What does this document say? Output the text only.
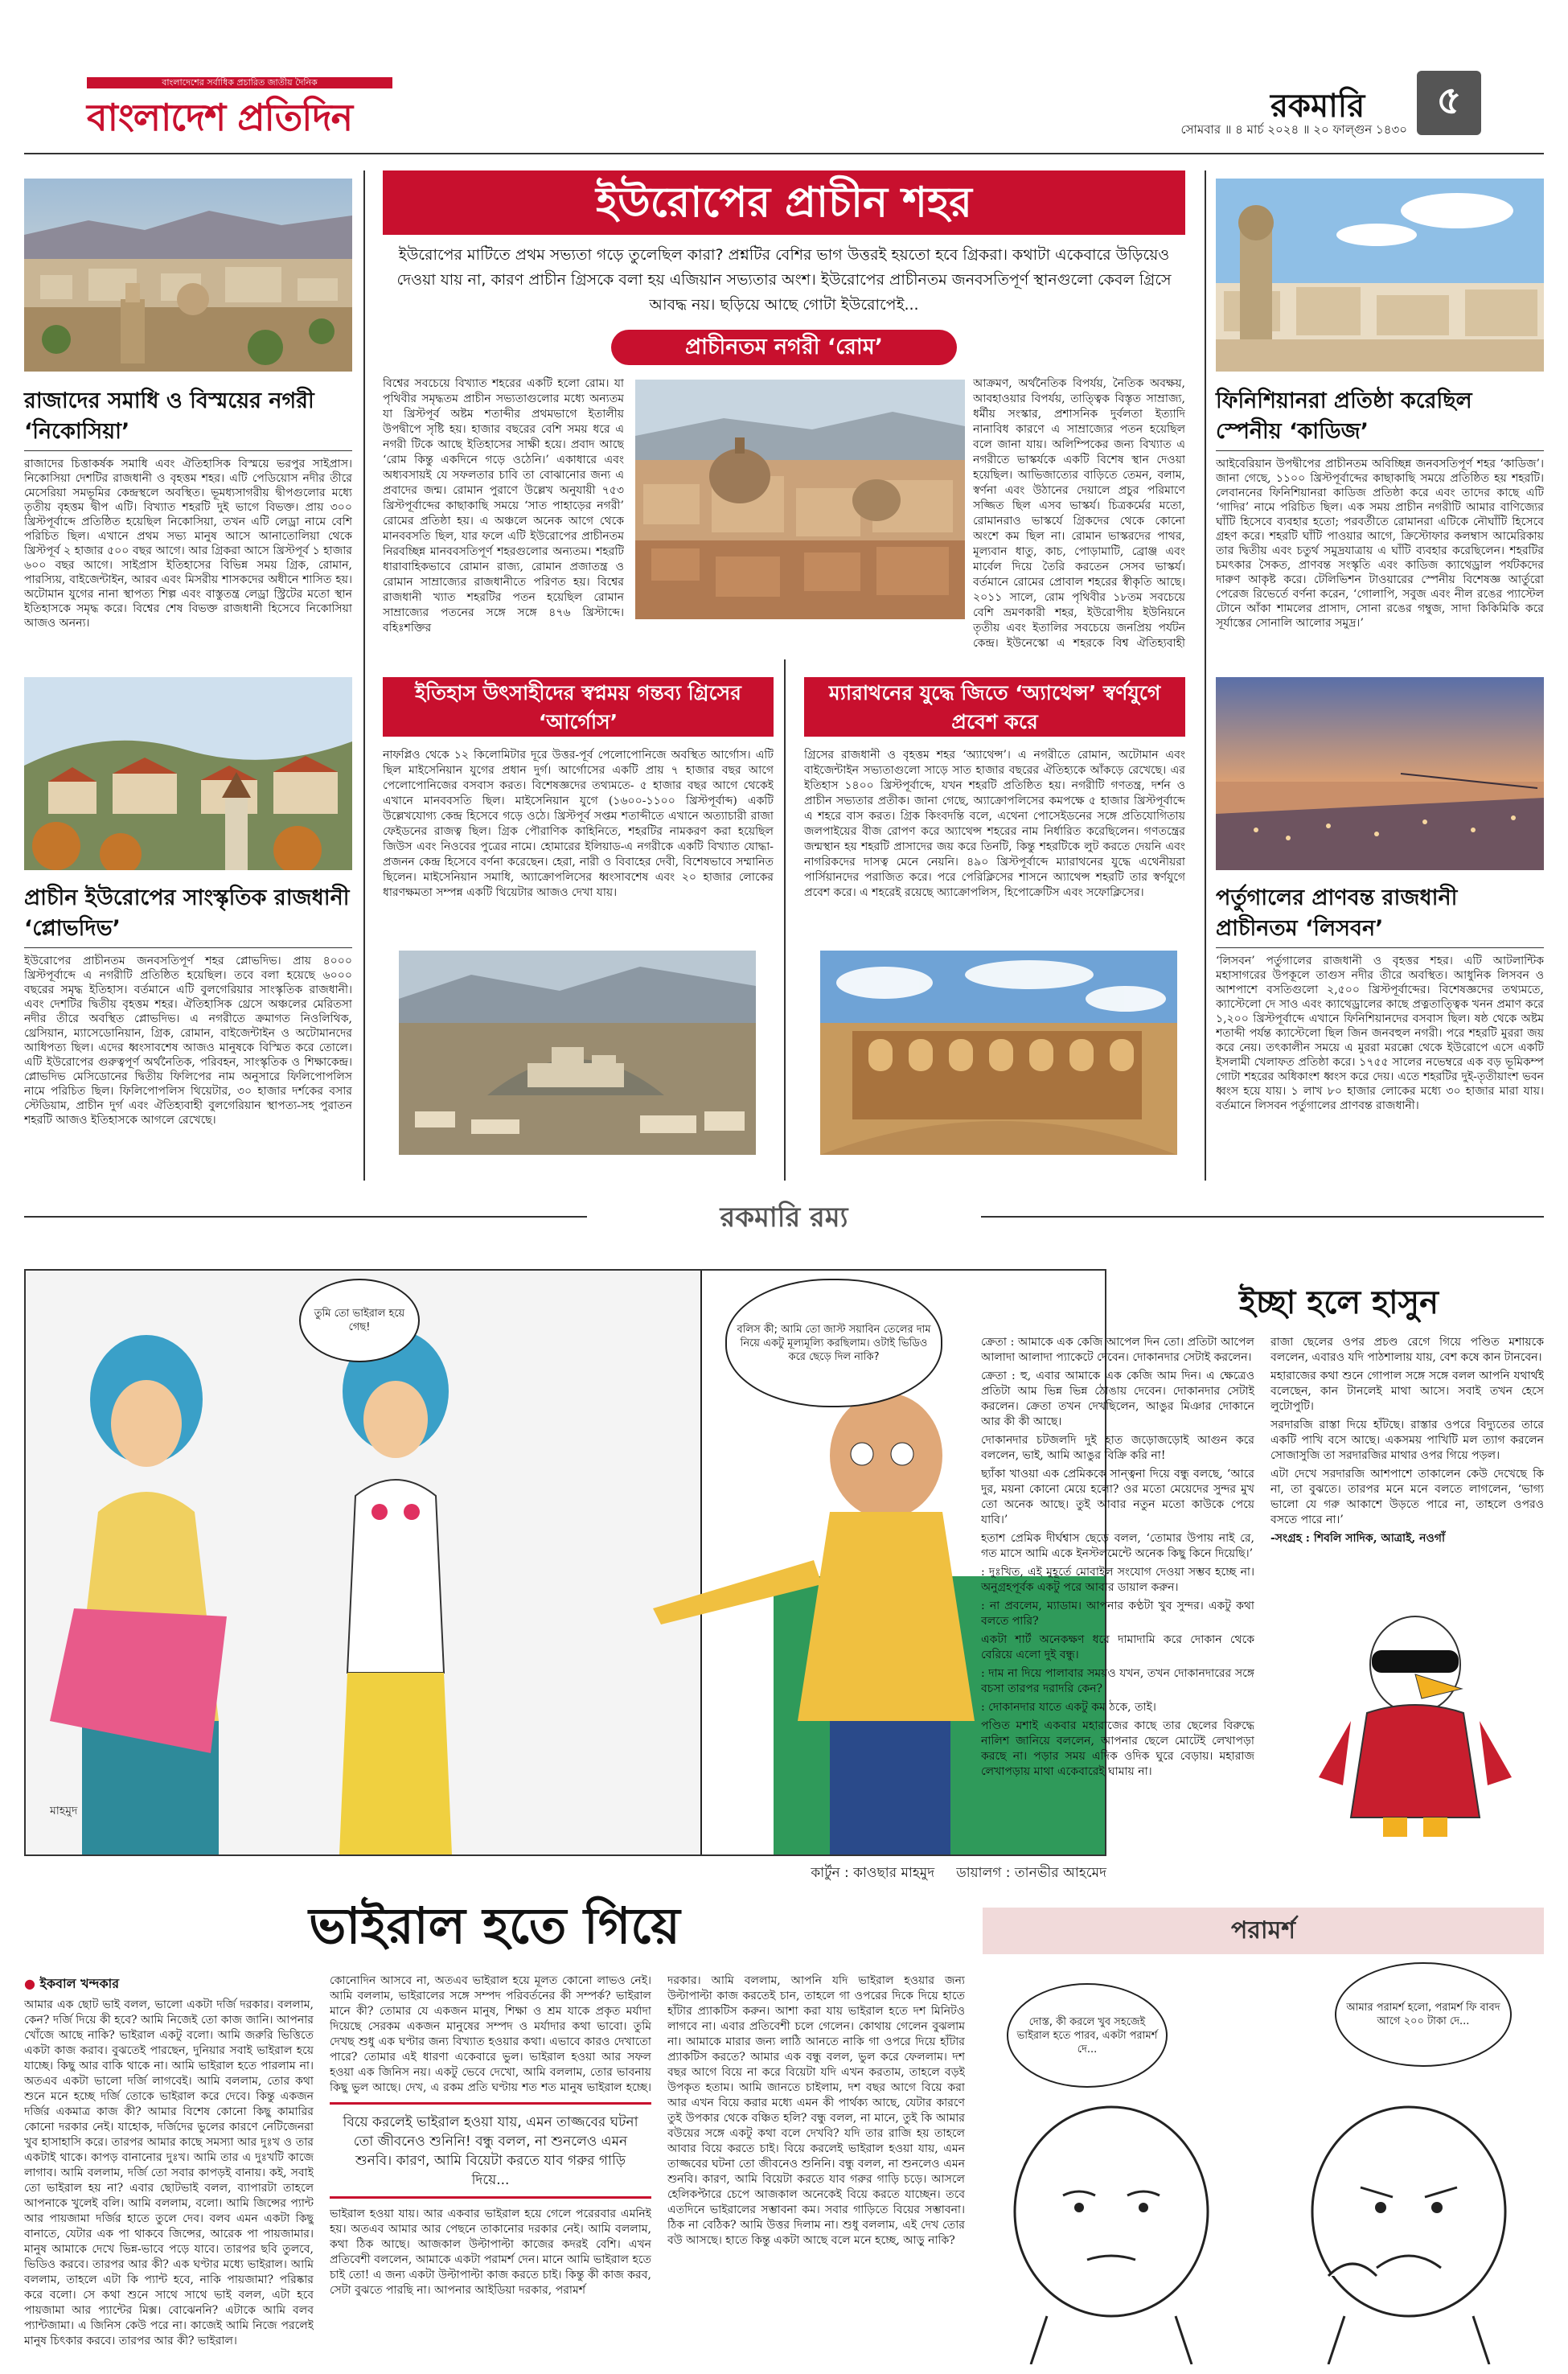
বাংলাদেশের সর্বাধিক প্রচারিত জাতীয় দৈনিক
বাংলাদেশ প্রতিদিন	রকমারি ৫
সোমবার ॥ ৪ মার্চ ২০২৪ ॥ ২০ ফাল্গুন ১৪৩০
রাজাদের সমাধি ও বিস্ময়ের নগরী ‘নিকোসিয়া’
রাজাদের চিত্তাকর্ষক সমাধি এবং ঐতিহাসিক বিস্ময়ে ভরপুর সাইপ্রাস। নিকোসিয়া দেশটির রাজধানী ও বৃহত্তম শহর। এটি পেডিয়োস নদীর তীরে মেসেরিয়া সমভূমির কেন্দ্রস্থলে অবস্থিত। ভূমধ্যসাগরীয় দ্বীপগুলোর মধ্যে তৃতীয় বৃহত্তম দ্বীপ এটি। বিখ্যাত শহরটি দুই ভাগে বিভক্ত। প্রায় ৩০০ খ্রিস্টপূর্বাব্দে প্রতিষ্ঠিত হয়েছিল নিকোসিয়া, তখন এটি লেড্রা নামে বেশি পরিচিত ছিল। এখানে প্রথম সভ্য মানুষ আসে আনাতোলিয়া থেকে খ্রিস্টপূর্ব ২ হাজার ৫০০ বছর আগে। আর গ্রিকরা আসে খ্রিস্টপূর্ব ১ হাজার ৬০০ বছর আগে। সাইপ্রাস ইতিহাসের বিভিন্ন সময় গ্রিক, রোমান, পারস্যিয়, বাইজেন্টাইন, আরব এবং মিসরীয় শাসকদের অধীনে শাসিত হয়। অটোমান যুগের নানা স্থাপত্য শিল্প এবং বাস্তুতন্ত্র লেড্রা স্ট্রিটের মতো স্থান ইতিহাসকে সমৃদ্ধ করে। বিশ্বের শেষ বিভক্ত রাজধানী হিসেবে নিকোসিয়া আজও অনন্য।
প্রাচীন ইউরোপের সাংস্কৃতিক রাজধানী ‘প্লোভদিভ’
ইউরোপের প্রাচীনতম জনবসতিপূর্ণ শহর প্লোভদিভ। প্রায় ৪০০০ খ্রিস্টপূর্বাব্দে এ নগরীটি প্রতিষ্ঠিত হয়েছিল। তবে বলা হয়েছে ৬০০০ বছরের সমৃদ্ধ ইতিহাস। বর্তমানে এটি বুলগেরিয়ার সাংস্কৃতিক রাজধানী। এবং দেশটির দ্বিতীয় বৃহত্তম শহর। ঐতিহাসিক থ্রেসে অঞ্চলের মেরিতসা নদীর তীরে অবস্থিত প্লোভদিভ। এ নগরীতে ক্রমাগত নিওলিথিক, থ্রেসিয়ান, ম্যাসেডোনিয়ান, গ্রিক, রোমান, বাইজেন্টাইন ও অটোমানদের আধিপত্য ছিল। এদের ধ্বংসাবশেষ আজও মানুষকে বিস্মিত করে তোলে। এটি ইউরোপের গুরুত্বপূর্ণ অর্থনৈতিক, পরিবহন, সাংস্কৃতিক ও শিক্ষাকেন্দ্র। প্লোভদিভ মেসিডোনের দ্বিতীয় ফিলিপের নাম অনুসারে ফিলিপোপলিস নামে পরিচিত ছিল। ফিলিপোপলিস থিয়েটার, ৩০ হাজার দর্শকের বসার স্টেডিয়াম, প্রাচীন দুর্গ এবং ঐতিহ্যবাহী বুলগেরিয়ান স্থাপত্য-সহ পুরাতন শহরটি আজও ইতিহাসকে আগলে রেখেছে।
ইউরোপের প্রাচীন শহর
ইউরোপের মাটিতে প্রথম সভ্যতা গড়ে তুলেছিল কারা? প্রশ্নটির বেশির ভাগ উত্তরই হয়তো হবে গ্রিকরা। কথাটা একেবারে উড়িয়েও দেওয়া যায় না, কারণ প্রাচীন গ্রিসকে বলা হয় এজিয়ান সভ্যতার অংশ। ইউরোপের প্রাচীনতম জনবসতিপূর্ণ স্থানগুলো কেবল গ্রিসে আবদ্ধ নয়। ছড়িয়ে আছে গোটা ইউরোপেই...
প্রাচীনতম নগরী ‘রোম’
বিশ্বের সবচেয়ে বিখ্যাত শহরের একটি হলো রোম। যা পৃথিবীর সমৃদ্ধতম প্রাচীন সভ্যতাগুলোর মধ্যে অন্যতম যা খ্রিস্টপূর্ব অষ্টম শতাব্দীর প্রথমভাগে ইতালীয় উপদ্বীপে সৃষ্টি হয়। হাজার বছরের বেশি সময় ধরে এ নগরী টিকে আছে ইতিহাসের সাক্ষী হয়ে। প্রবাদ আছে ‘রোম কিন্তু একদিনে গড়ে ওঠেনি।’ একাধারে এবং অধ্যবসায়ই যে সফলতার চাবি তা বোঝানোর জন্য এ প্রবাদের জন্ম। রোমান পুরাণে উল্লেখ অনুযায়ী ৭৫৩ খ্রিস্টপূর্বাব্দের কাছাকাছি সময়ে ‘সাত পাহাড়ের নগরী’ রোমের প্রতিষ্ঠা হয়। এ অঞ্চলে অনেক আগে থেকে মানববসতি ছিল, যার ফলে এটি ইউরোপের প্রাচীনতম নিরবচ্ছিন্ন মানববসতিপূর্ণ শহরগুলোর অন্যতম। শহরটি ধারাবাহিকভাবে রোমান রাজ্য, রোমান প্রজাতন্ত্র ও রোমান সাম্রাজ্যের রাজধানীতে পরিণত হয়। বিশ্বের রাজধানী খ্যাত শহরটির পতন হয়েছিল রোমান সাম্রাজ্যের পতনের সঙ্গে সঙ্গে ৪৭৬ খ্রিস্টাব্দে। বহিঃশক্তির
আক্রমণ, অর্থনৈতিক বিপর্যয়, নৈতিক অবক্ষয়, আবহাওয়ার বিপর্যয়, তাত্ত্বিক বিস্তৃত সাম্রাজ্য, ধর্মীয় সংস্কার, প্রশাসনিক দুর্বলতা ইত্যাদি নানাবিধ কারণে এ সাম্রাজ্যের পতন হয়েছিল বলে জানা যায়। অলিম্পিকের জন্য বিখ্যাত এ নগরীতে ভাস্কর্যকে একটি বিশেষ স্থান দেওয়া হয়েছিল। আভিজাত্যের বাড়িতে তেমন, বলাম, স্বর্ণনা এবং উঠানের দেয়ালে প্রচুর পরিমাণে সজ্জিত ছিল এসব ভাস্কর্য। চিত্রকর্মের মতো, রোমানরাও ভাস্কর্যে গ্রিকদের থেকে কোনো অংশে কম ছিল না। রোমান ভাস্করদের পাথর, মূল্যবান ধাতু, কাচ, পোড়ামাটি, ব্রোঞ্জ এবং মার্বেল দিয়ে তৈরি করতেন সেসব ভাস্কর্য। বর্তমানে রোমের প্রোবাল শহরের স্বীকৃতি আছে। ২০১১ সালে, রোম পৃথিবীর ১৮তম সবচেয়ে বেশি ভ্রমণকারী শহর, ইউরোপীয় ইউনিয়নে তৃতীয় এবং ইতালির সবচেয়ে জনপ্রিয় পর্যটন কেন্দ্র। ইউনেস্কো এ শহরকে বিশ্ব ঐতিহ্যবাহী
ইতিহাস উৎসাহীদের স্বপ্নময় গন্তব্য গ্রিসের ‘আর্গোস’
নাফপ্লিও থেকে ১২ কিলোমিটার দূরে উত্তর-পূর্ব পেলোপোনিজে অবস্থিত আর্গোস। এটি ছিল মাইসেনিয়ান যুগের প্রধান দুর্গ। আর্গোসের একটি প্রায় ৭ হাজার বছর আগে পেলোপোনিজের বসবাস করত। বিশেষজ্ঞদের তথ্যমতে- ৫ হাজার বছর আগে থেকেই এখানে মানববসতি ছিল। মাইসেনিয়ান যুগে (১৬০০-১১০০ খ্রিস্টপূর্বাব্দ) একটি উল্লেখযোগ্য কেন্দ্র হিসেবে গড়ে ওঠে। খ্রিস্টপূর্ব সপ্তম শতাব্দীতে এখানে অত্যাচারী রাজা ফেইডনের রাজত্ব ছিল। গ্রিক পৌরাণিক কাহিনিতে, শহরটির নামকরণ করা হয়েছিল জিউস এবং নিওবের পুত্রের নামে। হোমারের ইলিয়াড-এ নগরীকে একটি বিখ্যাত যোদ্ধা-প্রজনন কেন্দ্র হিসেবে বর্ণনা করেছেন। হেরা, নারী ও বিবাহের দেবী, বিশেষভাবে সম্মানিত ছিলেন। মাইসেনিয়ান সমাধি, অ্যাক্রোপলিসের ধ্বংসাবশেষ এবং ২০ হাজার লোকের ধারণক্ষমতা সম্পন্ন একটি থিয়েটার আজও দেখা যায়।
ম্যারাথনের যুদ্ধে জিতে ‘অ্যাথেন্স’ স্বর্ণযুগে প্রবেশ করে
গ্রিসের রাজধানী ও বৃহত্তম শহর ‘অ্যাথেন্স’। এ নগরীতে রোমান, অটোমান এবং বাইজেন্টাইন সভ্যতাগুলো সাড়ে সাত হাজার বছরের ঐতিহ্যকে আঁকড়ে রেখেছে। এর ইতিহাস ১৪০০ খ্রিস্টপূর্বাব্দে, যখন শহরটি প্রতিষ্ঠিত হয়। নগরীটি গণতন্ত্র, দর্শন ও প্রাচীন সভ্যতার প্রতীক। জানা গেছে, অ্যাক্রোপলিসের কমপক্ষে ৫ হাজার খ্রিস্টপূর্বাব্দে এ শহরে বাস করত। গ্রিক কিংবদন্তি বলে, এথেনা পোসেইডনের সঙ্গে প্রতিযোগিতায় জলপাইয়ের বীজ রোপণ করে অ্যাথেন্স শহরের নাম নির্ধারিত করেছিলেন। গণতন্ত্রের জন্মস্থান হয় শহরটি প্রাসাদের জয় করে তিনটি, কিন্তু শহরটিকে লুট করতে দেয়নি এবং নাগরিকদের দাসত্ব মেনে নেয়নি। ৪৯০ খ্রিস্টপূর্বাব্দে ম্যারাথনের যুদ্ধে এথেনীয়রা পার্সিয়ানদের পরাজিত করে। পরে পেরিক্লিসের শাসনে অ্যাথেন্স শহরটি তার স্বর্ণযুগে প্রবেশ করে। এ শহরেই রয়েছে অ্যাক্রোপলিস, হিপোক্রেটিস এবং সফোক্লিসের।
ফিনিশিয়ানরা প্রতিষ্ঠা করেছিল স্পেনীয় ‘কাডিজ’
আইবেরিয়ান উপদ্বীপের প্রাচীনতম অবিচ্ছিন্ন জনবসতিপূর্ণ শহর ‘কাডিজ’। জানা গেছে, ১১০০ খ্রিস্টপূর্বাব্দের কাছাকাছি সময়ে প্রতিষ্ঠিত হয় শহরটি। লেবাননের ফিনিশিয়ানরা কাডিজ প্রতিষ্ঠা করে এবং তাদের কাছে এটি ‘গাদির’ নামে পরিচিত ছিল। এক সময় প্রাচীন নগরীটি আমার বাণিজ্যের ঘাঁটি হিসেবে ব্যবহার হতো; পরবর্তীতে রোমানরা এটিকে নৌঘাঁটি হিসেবে গ্রহণ করে। শহরটি ঘাঁটি পাওয়ার আগে, ক্রিস্টোফার কলম্বাস আমেরিকায় তার দ্বিতীয় এবং চতুর্থ সমুদ্রযাত্রায় এ ঘাঁটি ব্যবহার করেছিলেন। শহরটির চমৎকার সৈকত, প্রাণবন্ত সংস্কৃতি এবং কাডিজ ক্যাথেড্রাল পর্যটকদের দারুণ আকৃষ্ট করে। টেলিভিশন টাওয়ারের স্পেনীয় বিশেষজ্ঞ আর্তুরো পেরেজ রিভের্তে বর্ণনা করেন, ‘গোলাপি, সবুজ এবং নীল রঙের প্যাস্টেল টোনে আঁকা শামলের প্রাসাদ, সোনা রঙের গম্বুজ, সাদা কিকিমিকি করে সূর্যাস্তের সোনালি আলোর সমুদ্র।’
পর্তুগালের প্রাণবন্ত রাজধানী প্রাচীনতম ‘লিসবন’
‘লিসবন’ পর্তুগালের রাজধানী ও বৃহত্তর শহর। এটি আটলান্টিক মহাসাগরের উপকূলে তাগুস নদীর তীরে অবস্থিত। আধুনিক লিসবন ও আশপাশে বসতিগুলো ২,৫০০ খ্রিস্টপূর্বাব্দের। বিশেষজ্ঞদের তথ্যমতে, ক্যাস্টেলো দে সাও এবং ক্যাথেড্রালের কাছে প্রত্নতাত্ত্বিক খনন প্রমাণ করে ১,২০০ খ্রিস্টপূর্বাব্দে এখানে ফিনিশিয়ানদের বসবাস ছিল। ষষ্ঠ থেকে অষ্টম শতাব্দী পর্যন্ত ক্যাস্টেলো ছিল জিন জনবহুল নগরী। পরে শহরটি মুররা জয় করে নেয়। তৎকালীন সময়ে এ মুররা মরক্কো থেকে ইউরোপে এসে একটি ইসলামী খেলাফত প্রতিষ্ঠা করে। ১৭৫৫ সালের নভেম্বরে এক বড় ভূমিকম্প গোটা শহরের অধিকাংশ ধ্বংস করে দেয়। এতে শহরটির দুই-তৃতীয়াংশ ভবন ধ্বংস হয়ে যায়। ১ লাখ ৮০ হাজার লোকের মধ্যে ৩০ হাজার মারা যায়। বর্তমানে লিসবন পর্তুগালের প্রাণবন্ত রাজধানী।
রকমারি রম্য
তুমি তো ভাইরাল হয়ে গেছ!	বলিস কী; আমি তো জাস্ট সয়াবিন তেলের দাম নিয়ে একটু মূল্যমূল্যি করছিলাম। ওটাই ভিডিও করে ছেড়ে দিল নাকি?
মাহমুদ
কার্টুন : কাওছার মাহমুদ ডায়ালগ : তানভীর আহমেদ
ইচ্ছা হলে হাসুন

ক্রেতা : আমাকে এক কেজি আপেল দিন তো। প্রতিটা আপেল আলাদা আলাদা প্যাকেটে দেবেন। দোকানদার সেটাই করলেন।

ক্রেতা : হু, এবার আমাকে এক কেজি আম দিন। এ ক্ষেত্রেও প্রতিটা আম ভিন্ন ভিন্ন ঠোঙায় দেবেন। দোকানদার সেটাই করলেন। ক্রেতা তখন দেখছিলেন, আঙুর মিঞার দোকানে আর কী কী আছে।

দোকানদার চটজলদি দুই হাত জড়োজড়োই আগুন করে বললেন, ভাই, আমি আঙুর বিক্রি করি না!

ছ্যাঁকা খাওয়া এক প্রেমিককে সান্ত্বনা দিয়ে বন্ধু বলছে, ‘আরে দুর, ময়না কোনো মেয়ে হলো? ওর মতো মেয়েদের সুন্দর মুখ তো অনেক আছে। তুই আবার নতুন মতো কাউকে পেয়ে যাবি।’

হতাশ প্রেমিক দীর্ঘশ্বাস ছেড়ে বলল, ‘তোমার উপায় নাই রে, গত মাসে আমি একে ইনস্টলমেন্টে অনেক কিছু কিনে দিয়েছি।’

: দুঃখিত, এই মুহূর্তে মোবাইল সংযোগ দেওয়া সম্ভব হচ্ছে না। অনুগ্রহপূর্বক একটু পরে আবার ডায়াল করুন।

: না প্রবলেম, ম্যাডাম। আপনার কণ্ঠটা খুব সুন্দর। একটু কথা বলতে পারি?

একটা শার্ট অনেকক্ষণ ধরে দামাদামি করে দোকান থেকে বেরিয়ে এলো দুই বন্ধু।

: দাম না দিয়ে পালাবার সময়ও যখন, তখন দোকানদারের সঙ্গে বচসা তারপর দরাদরি কেন?

: দোকানদার যাতে একটু কম ঠকে, তাই।

পণ্ডিত মশাই একবার মহারাজের কাছে তার ছেলের বিরুদ্ধে নালিশ জানিয়ে বললেন, আপনার ছেলে মোটেই লেখাপড়া করছে না। পড়ার সময় এদিক ওদিক ঘুরে বেড়ায়। মহারাজ লেখাপড়ায় মাথা একেবারেই ঘামায় না।

রাজা ছেলের ওপর প্রচণ্ড রেগে গিয়ে পণ্ডিত মশায়কে বললেন, এবারও যদি পাঠশালায় যায়, বেশ কষে কান টানবেন।

মহারাজের কথা শুনে গোপাল সঙ্গে সঙ্গে বলল আপনি যথার্থই বলেছেন, কান টানলেই মাথা আসে। সবাই তখন হেসে লুটোপুটি।

সরদারজি রাস্তা দিয়ে হাঁটছে। রাস্তার ওপরে বিদ্যুতের তারে একটি পাখি বসে আছে। একসময় পাখিটি মল ত্যাগ করলেন সোজাসুজি তা সরদারজির মাথার ওপর গিয়ে পড়ল।

এটা দেখে সরদারজি আশপাশে তাকালেন কেউ দেখেছে কি না, তা বুঝতে। তারপর মনে মনে বলতে লাগলেন, ‘ভাগ্য ভালো যে গরু আকাশে উড়তে পারে না, তাহলে ওপরও বসতে পারে না।’

-সংগ্রহ : শিবলি সাদিক, আত্রাই, নওগাঁ

ভাইরাল হতে গিয়ে
● ইকবাল খন্দকার
আমার এক ছোট ভাই বলল, ভালো একটা দর্জি দরকার। বললাম, কেন? দর্জি দিয়ে কী হবে? আমি নিজেই তো কাজ জানি। আপনার খোঁজে আছে নাকি? ভাইরাল একটু বলো। আমি জরুরি ভিত্তিতে একটা কাজ করাব। বুঝতেই পারছেন, দুনিয়ার সবাই ভাইরাল হয়ে যাচ্ছে। কিছু আর বাকি থাকে না। আমি ভাইরাল হতে পারলাম না। অতএব একটা ভালো দর্জি লাগবেই। আমি বললাম, তোর কথা শুনে মনে হচ্ছে দর্জি তোকে ভাইরাল করে দেবে। কিন্তু একজন দর্জির একমাত্র কাজ কী? আমার বিশেষ কোনো কিছু কামারির কোনো দরকার নেই। যাহোক, দর্জিদের ভুলের কারণে নেটিজেনরা খুব হাসাহাসি করে। তারপর আমার কাছে সমস্যা আর দুঃখ ও তার একটাই থাকে। কাপড় বানানোর দুঃখ। আমি তার এ দুঃখটি কাজে লাগাব। আমি বললাম, দর্জি তো সবার কাপড়ই বানায়। কই, সবাই তো ভাইরাল হয় না? এবার ছোটভাই বলল, ব্যাপারটা তাহলে আপনাকে খুলেই বলি। আমি বললাম, বলো। আমি জিন্সের প্যান্ট আর পায়জামা দর্জির হাতে তুলে দেব। বলব এমন একটা কিছু বানাতে, যেটার এক পা থাকবে জিন্সের, আরেক পা পায়জামার। মানুষ আমাকে দেখে ভিন্ন-ভাবে পড়ে যাবে। তারপর ছবি তুলবে, ভিডিও করবে। তারপর আর কী? এক ঘণ্টার মধ্যে ভাইরাল। আমি বললাম, তাহলে এটা কি প্যান্ট হবে, নাকি পায়জামা? পরিষ্কার করে বলো। সে কথা শুনে সাথে সাথে ভাই বলল, এটা হবে পায়জামা আর প্যান্টের মিক্স। বোঝেননি? এটাকে আমি বলব প্যান্টজামা। এ জিনিস কেউ পরে না। কাজেই আমি নিজে পরলেই মানুষ চিৎকার করবে। তারপর আর কী? ভাইরাল।
কোনোদিন আসবে না, অতএব ভাইরাল হয়ে মূলত কোনো লাভও নেই। আমি বললাম, ভাইরালের সঙ্গে সম্পদ পরিবর্তনের কী সম্পর্ক? ভাইরাল মানে কী? তোমার যে একজন মানুষ, শিক্ষা ও শ্রম যাকে প্রকৃত মর্যাদা দিয়েছে সেরকম একজন মানুষের সম্পদ ও মর্যাদার কথা ভাবো। তুমি দেখছ শুধু এক ঘণ্টার জন্য বিখ্যাত হওয়ার কথা। এভাবে কারও দেখাতো পারে? তোমার এই ধারণা একেবারে ভুল। ভাইরাল হওয়া আর সফল হওয়া এক জিনিস নয়। একটু ভেবে দেখো, আমি বললাম, তোর ভাবনায় কিছু ভুল আছে। দেখ, এ রকম প্রতি ঘণ্টায় শত শত মানুষ ভাইরাল হচ্ছে।
বিয়ে করলেই ভাইরাল হওয়া যায়, এমন তাজ্জবের ঘটনা তো জীবনেও শুনিনি! বন্ধু বলল, না শুনলেও এমন শুনবি। কারণ, আমি বিয়েটা করতে যাব গরুর গাড়ি দিয়ে...
ভাইরাল হওয়া যায়। আর একবার ভাইরাল হয়ে গেলে পরেরবার এমনিই হয়। অতএব আমার আর পেছনে তাকানোর দরকার নেই। আমি বললাম, কথা ঠিক আছে। আজকাল উল্টাপাল্টা কাজের কদরই বেশি। এখন প্রতিবেশী বললেন, আমাকে একটা পরামর্শ দেন। মানে আমি ভাইরাল হতে চাই তো! এ জন্য একটা উল্টাপাল্টা কাজ করতে চাই। কিন্তু কী কাজ করব, সেটা বুঝতে পারছি না। আপনার আইডিয়া দরকার, পরামর্শ
দরকার। আমি বললাম, আপনি যদি ভাইরাল হওয়ার জন্য উল্টাপাল্টা কাজ করতেই চান, তাহলে গা ওপরের দিকে দিয়ে হাতে হাঁটার প্র্যাকটিস করুন। আশা করা যায় ভাইরাল হতে দশ মিনিটও লাগবে না। এবার প্রতিবেশী চলে গেলেন। কোথায় গেলেন বুঝলাম না। আমাকে মারার জন্য লাঠি আনতে নাকি গা ওপরে দিয়ে হাঁটার প্র্যাকটিস করতে? আমার এক বন্ধু বলল, ভুল করে ফেললাম। দশ বছর আগে বিয়ে না করে বিয়েটা যদি এখন করতাম, তাহলে বড়ই উপকৃত হতাম। আমি জানতে চাইলাম, দশ বছর আগে বিয়ে করা আর এখন বিয়ে করার মধ্যে এমন কী পার্থক্য আছে, যেটার কারণে তুই উপকার থেকে বঞ্চিত হলি? বন্ধু বলল, না মানে, তুই কি আমার বউয়ের সঙ্গে একটু কথা বলে দেখবি? যদি তার রাজি হয় তাহলে আবার বিয়ে করতে চাই। বিয়ে করলেই ভাইরাল হওয়া যায়, এমন তাজ্জবের ঘটনা তো জীবনেও শুনিনি। বন্ধু বলল, না শুনলেও এমন শুনবি। কারণ, আমি বিয়েটা করতে যাব গরুর গাড়ি চড়ে। আসলে হেলিকপ্টারে চেপে আজকাল অনেকেই বিয়ে করতে যাচ্ছেন। তবে এতদিনে ভাইরালের সম্ভাবনা কম। সবার গাড়িতে বিয়ের সম্ভাবনা। ঠিক না বেঠিক? আমি উত্তর দিলাম না। শুধু বললাম, এই দেখ তোর বউ আসছে। হাতে কিন্তু একটা আছে বলে মনে হচ্ছে, আড়ু নাকি?
পরামর্শ
দোস্ত, কী করলে খুব সহজেই ভাইরাল হতে পারব, একটা পরামর্শ দে...
আমার পরামর্শ হলো, পরামর্শ ফি বাবদ আগে ২০০ টাকা দে...
